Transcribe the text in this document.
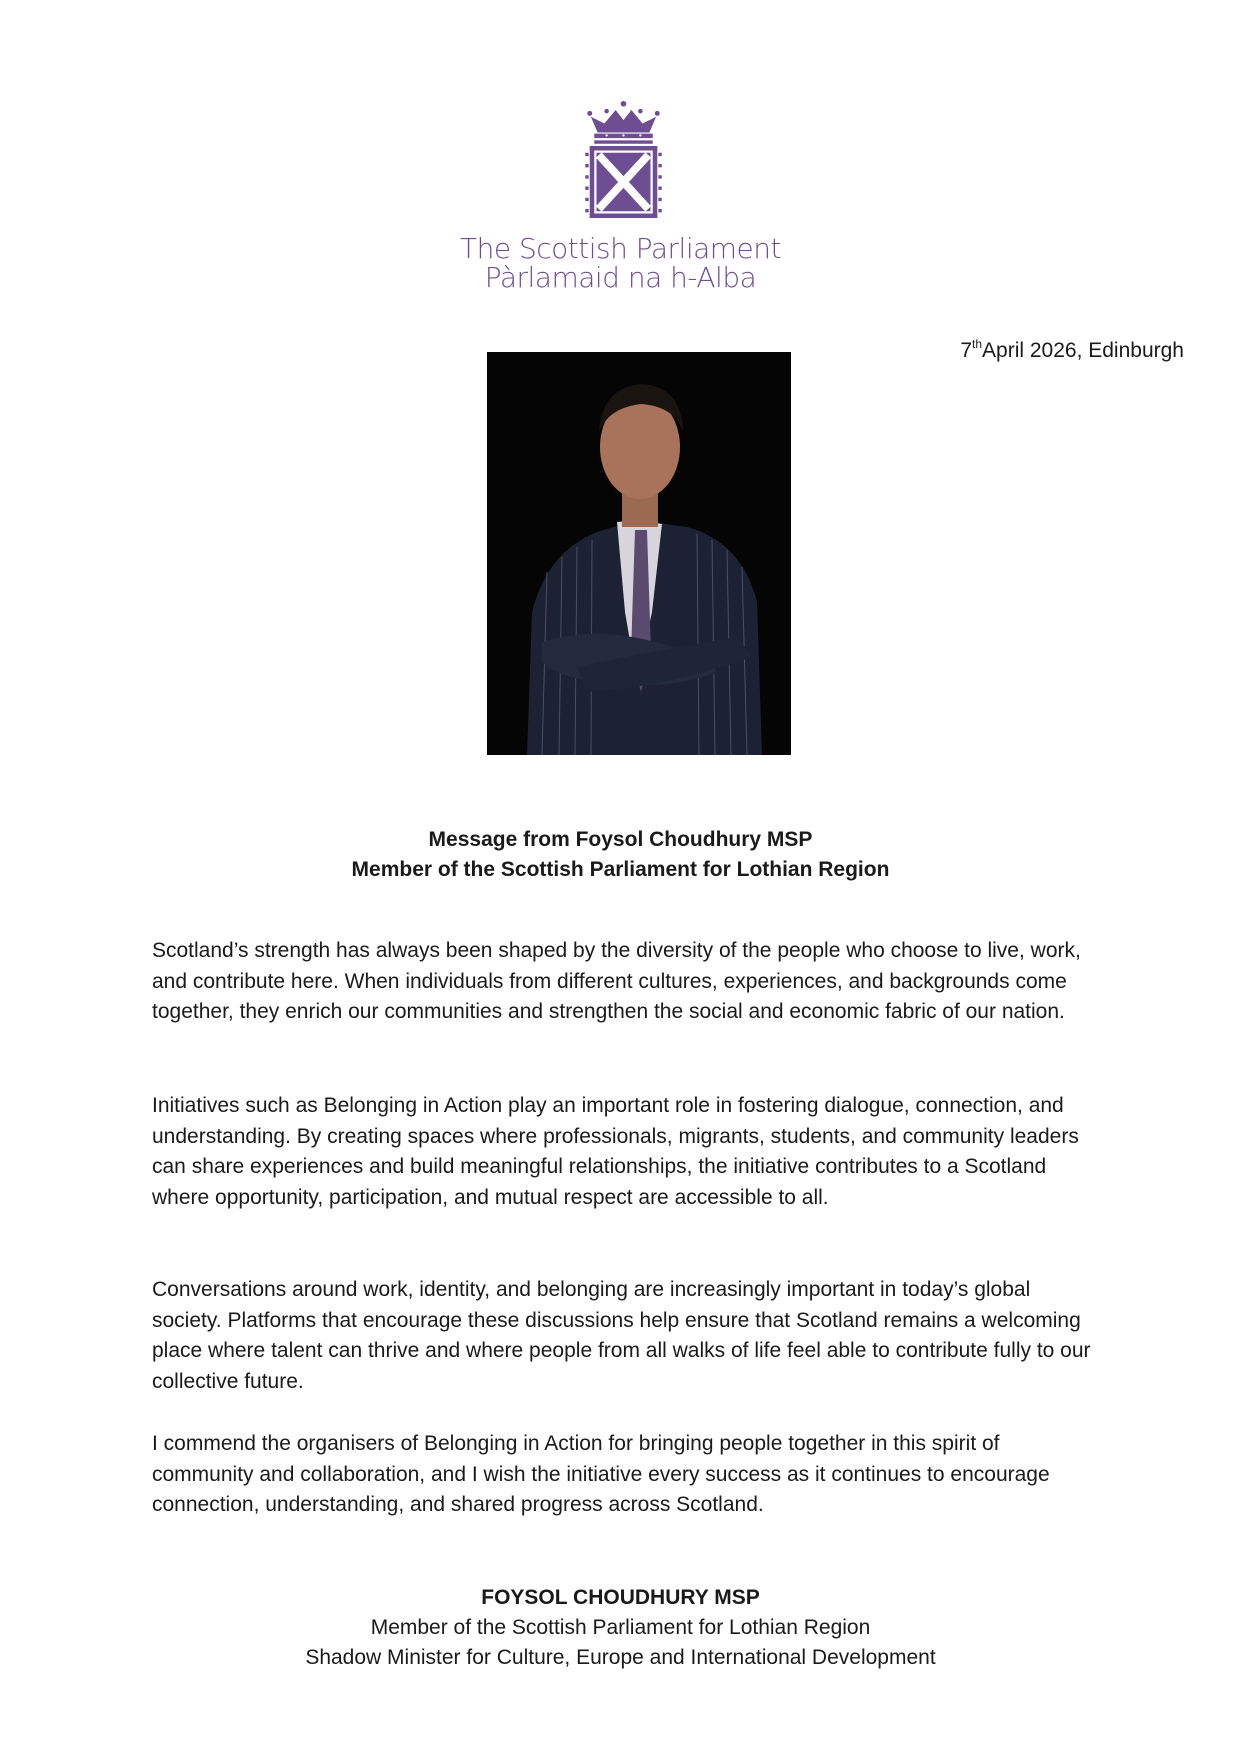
The Scottish Parliament
Pàrlamaid na h-Alba
7thApril 2026, Edinburgh
Message from Foysol Choudhury MSP
Member of the Scottish Parliament for Lothian Region

Scotland’s strength has always been shaped by the diversity of the people who choose to live, work, and contribute here. When individuals from different cultures, experiences, and backgrounds come together, they enrich our communities and strengthen the social and economic fabric of our nation.

Initiatives such as Belonging in Action play an important role in fostering dialogue, connection, and understanding. By creating spaces where professionals, migrants, students, and community leaders can share experiences and build meaningful relationships, the initiative contributes to a Scotland where opportunity, participation, and mutual respect are accessible to all.

Conversations around work, identity, and belonging are increasingly important in today’s global society. Platforms that encourage these discussions help ensure that Scotland remains a welcoming place where talent can thrive and where people from all walks of life feel able to contribute fully to our collective future.

I commend the organisers of Belonging in Action for bringing people together in this spirit of community and collaboration, and I wish the initiative every success as it continues to encourage connection, understanding, and shared progress across Scotland.

FOYSOL CHOUDHURY MSP
Member of the Scottish Parliament for Lothian Region
Shadow Minister for Culture, Europe and International Development
